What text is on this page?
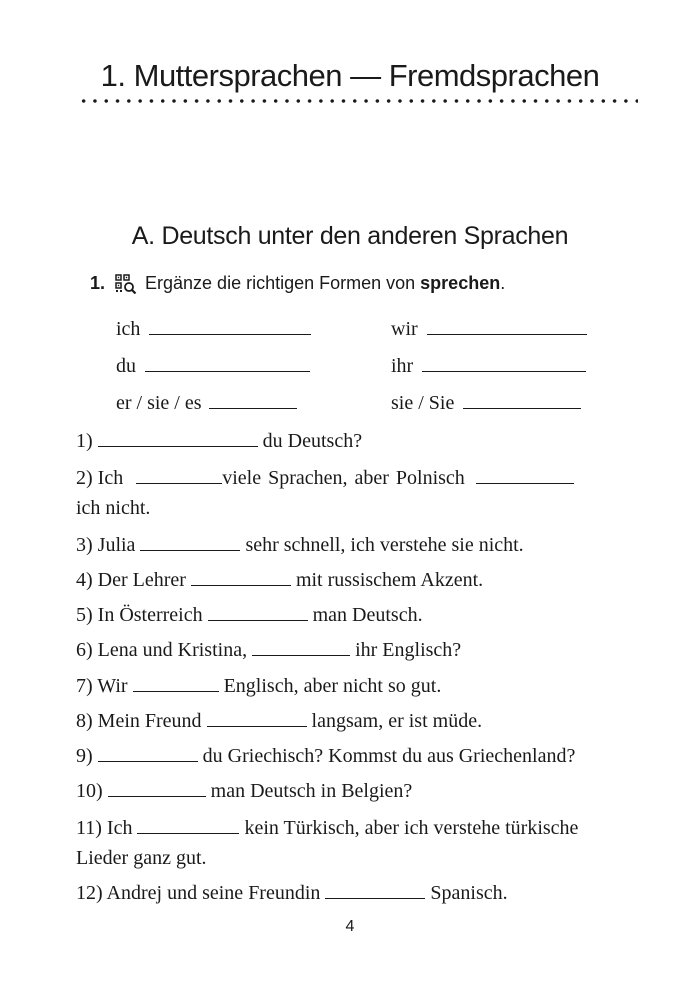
1. Muttersprachen — Fremdsprachen
A. Deutsch unter den anderen Sprachen
1. Ergänze die richtigen Formen von sprechen.
ich	wir
du	ihr
er / sie / es	sie / Sie
1)	du Deutsch?
2) Ich	viele Sprachen, aber Polnisch
ich nicht.
3) Julia	sehr schnell, ich verstehe sie nicht.
4) Der Lehrer	mit russischem Akzent.
5) In Österreich	man Deutsch.
6) Lena und Kristina,	ihr Englisch?
7) Wir	Englisch, aber nicht so gut.
8) Mein Freund	langsam, er ist müde.
9)	du Griechisch? Kommst du aus Griechenland?
10)	man Deutsch in Belgien?
11) Ich	kein Türkisch, aber ich verstehe türkische
Lieder ganz gut.
12) Andrej und seine Freundin	Spanisch.
4
